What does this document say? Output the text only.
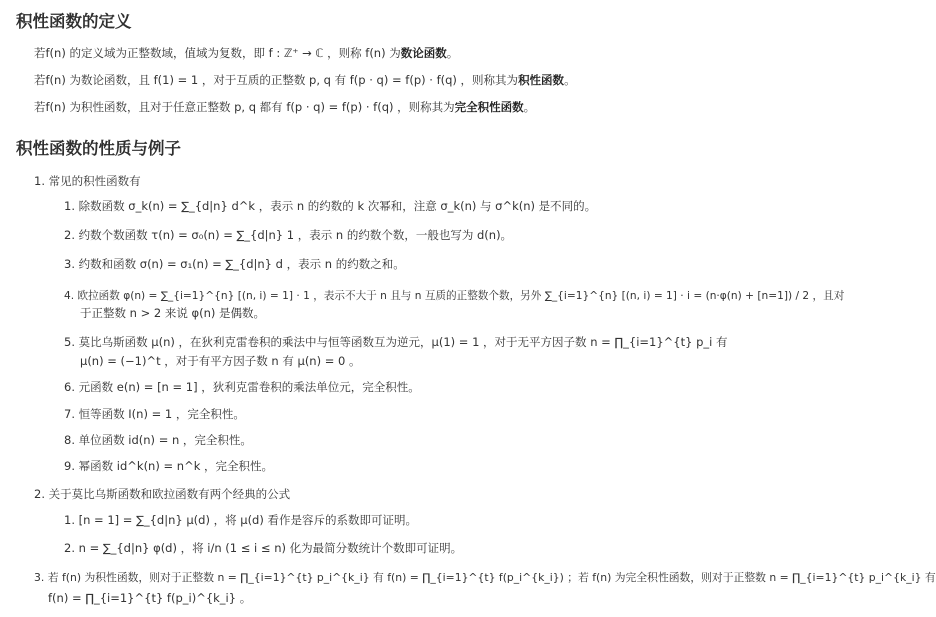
积性函数的定义
若f(n) 的定义域为正整数域，值域为复数，即 f : ℤ⁺ → ℂ ，则称 f(n) 为数论函数。
若f(n) 为数论函数，且 f(1) = 1 ，对于互质的正整数 p, q 有 f(p · q) = f(p) · f(q) ，则称其为积性函数。
若f(n) 为积性函数，且对于任意正整数 p, q 都有 f(p · q) = f(p) · f(q) ，则称其为完全积性函数。
积性函数的性质与例子
1. 常见的积性函数有
1. 除数函数 σ_k(n) = ∑_{d|n} d^k ，表示 n 的约数的 k 次幂和，注意 σ_k(n) 与 σ^k(n) 是不同的。
2. 约数个数函数 τ(n) = σ₀(n) = ∑_{d|n} 1 ，表示 n 的约数个数，一般也写为 d(n)。
3. 约数和函数 σ(n) = σ₁(n) = ∑_{d|n} d ，表示 n 的约数之和。
4. 欧拉函数 φ(n) = ∑_{i=1}^{n} [(n, i) = 1] · 1 ，表示不大于 n 且与 n 互质的正整数个数，另外 ∑_{i=1}^{n} [(n, i) = 1] · i = (n·φ(n) + [n=1]) / 2 ，且对
于正整数 n > 2 来说 φ(n) 是偶数。
5. 莫比乌斯函数 μ(n) ，在狄利克雷卷积的乘法中与恒等函数互为逆元，μ(1) = 1 ，对于无平方因子数 n = ∏_{i=1}^{t} p_i 有
μ(n) = (−1)^t ，对于有平方因子数 n 有 μ(n) = 0 。
6. 元函数 e(n) = [n = 1] ，狄利克雷卷积的乘法单位元，完全积性。
7. 恒等函数 I(n) = 1 ，完全积性。
8. 单位函数 id(n) = n ，完全积性。
9. 幂函数 id^k(n) = n^k ，完全积性。
2. 关于莫比乌斯函数和欧拉函数有两个经典的公式
1. [n = 1] = ∑_{d|n} μ(d) ，将 μ(d) 看作是容斥的系数即可证明。
2. n = ∑_{d|n} φ(d) ，将 i/n (1 ≤ i ≤ n) 化为最简分数统计个数即可证明。
3. 若 f(n) 为积性函数，则对于正整数 n = ∏_{i=1}^{t} p_i^{k_i} 有 f(n) = ∏_{i=1}^{t} f(p_i^{k_i}) ；若 f(n) 为完全积性函数，则对于正整数 n = ∏_{i=1}^{t} p_i^{k_i} 有
f(n) = ∏_{i=1}^{t} f(p_i)^{k_i} 。
